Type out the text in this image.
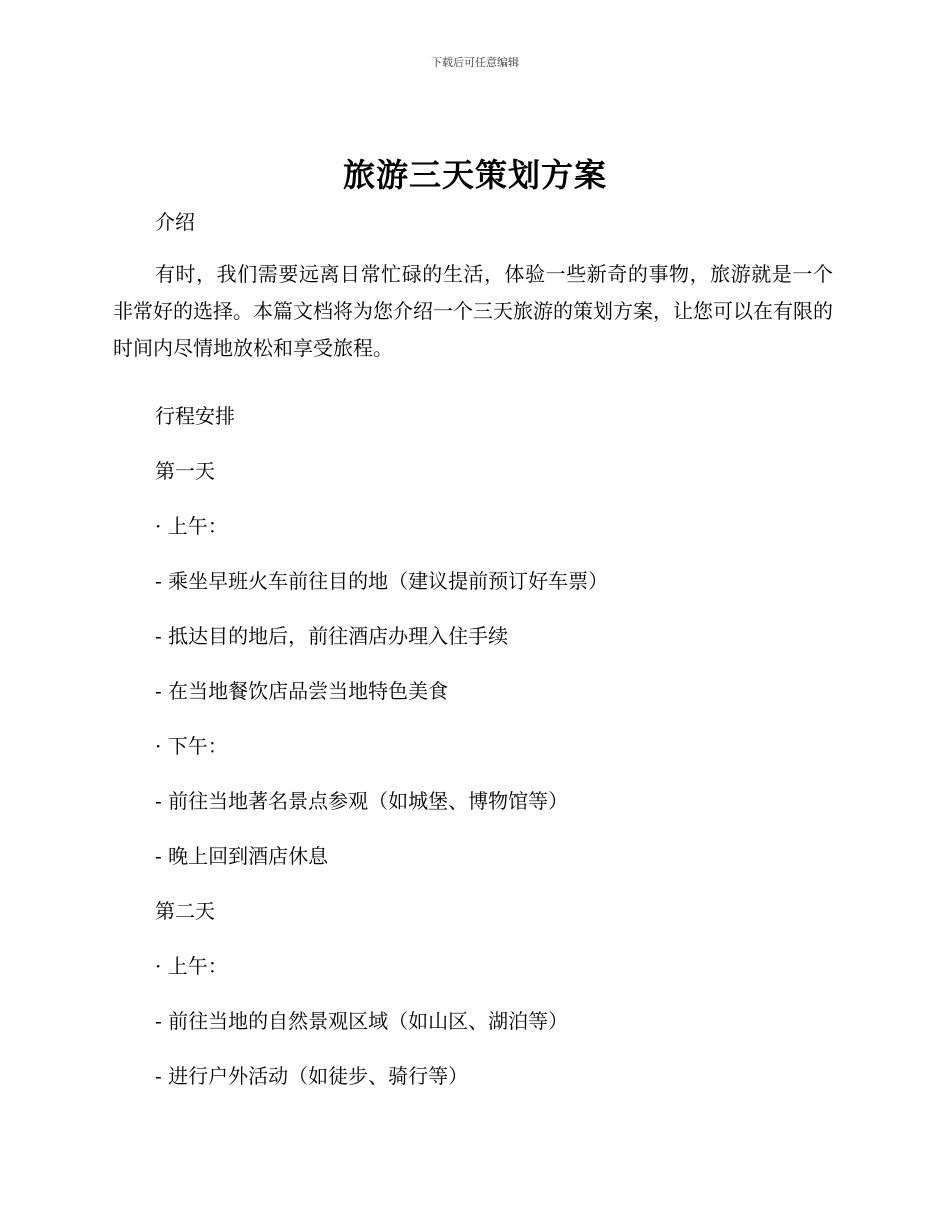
下载后可任意编辑
旅游三天策划方案
介绍

有时，我们需要远离日常忙碌的生活，体验一些新奇的事物，旅游就是一个非常好的选择。本篇文档将为您介绍一个三天旅游的策划方案，让您可以在有限的时间内尽情地放松和享受旅程。

行程安排
第一天
· 上午：
- 乘坐早班火车前往目的地（建议提前预订好车票）
- 抵达目的地后，前往酒店办理入住手续
- 在当地餐饮店品尝当地特色美食
· 下午：
- 前往当地著名景点参观（如城堡、博物馆等）
- 晚上回到酒店休息
第二天
· 上午：
- 前往当地的自然景观区域（如山区、湖泊等）
- 进行户外活动（如徒步、骑行等）
